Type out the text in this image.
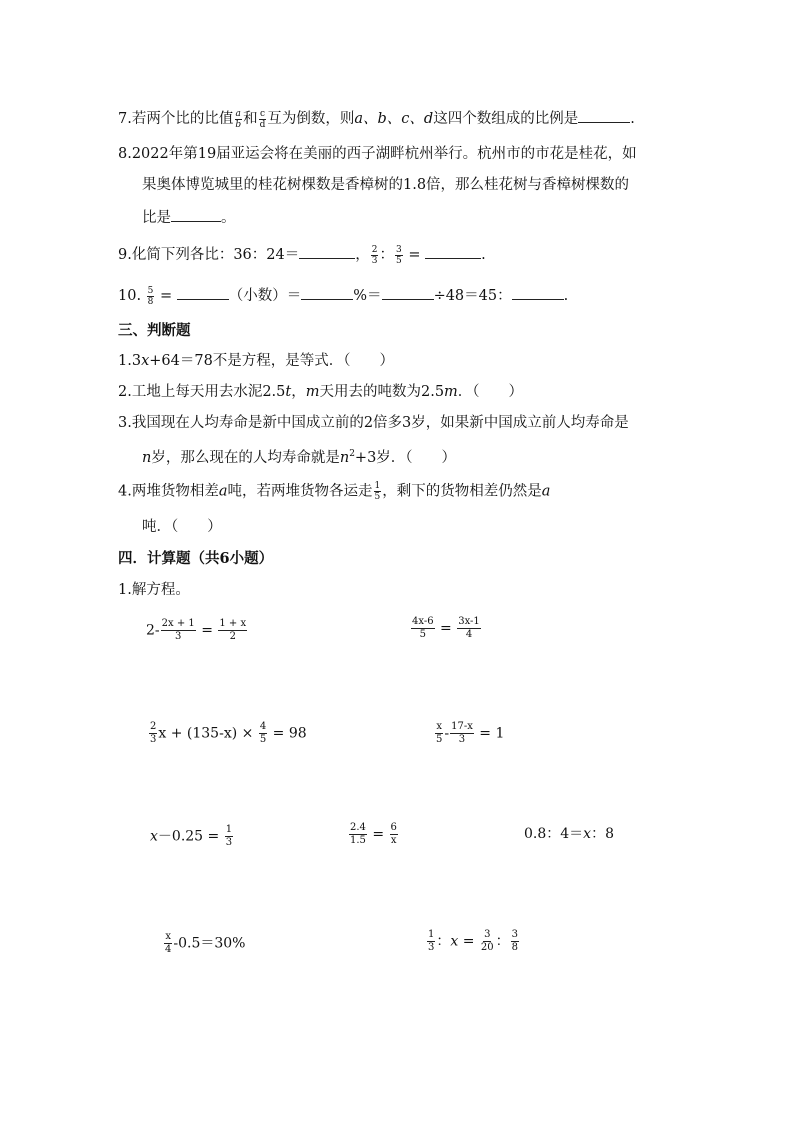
7.若两个比的比值 $\frac{a}{b}$ 和 $\frac{c}{d}$ 互为倒数，则a、b、c、d这四个数组成的比例是	.
8.2022年第19届亚运会将在美丽的西子湖畔杭州举行。杭州市的市花是桂花，如
果奥体博览城里的桂花树棵数是香樟树的1.8倍，那么桂花树与香樟树棵数的
比是	。
9.化简下列各比：36：24＝	， $\frac{2}{3}$ ： $\frac{3}{5}$ =	.
10. $\frac{5}{8}$ =	（小数）＝	%＝	÷48＝45：	.
三、判断题
1.3x+64＝78不是方程，是等式．（　　）
2.工地上每天用去水泥2.5t，m天用去的吨数为2.5m．（　　）
3.我国现在人均寿命是新中国成立前的2倍多3岁，如果新中国成立前人均寿命是
n岁，那么现在的人均寿命就是$n^2+3$岁．（　　）
4.两堆货物相差a吨，若两堆货物各运走 $\frac{1}{5}$ ，剩下的货物相差仍然是a
吨．（　　）
四．计算题（共6小题）
1.解方程。
$2- \frac{2x + 1}{3} = \frac{1 + x}{2}$	$\frac{4x-6}{5} = \frac{3x-1}{4}$
$\frac{2}{3}$ $x + (135-x) \times \frac{4}{5} = 98$	$\frac{x}{5} - \frac{17-x}{3} = 1$
$x-0.25 = \frac{1}{3}$	$\frac{2.4}{1.5} = \frac{6}{x}$	0.8：4＝x：8
$\frac{x}{4} -0.5=30\%$	$\frac{1}{3}$ ：$x = \frac{3}{20}$ ： $\frac{3}{8}$
